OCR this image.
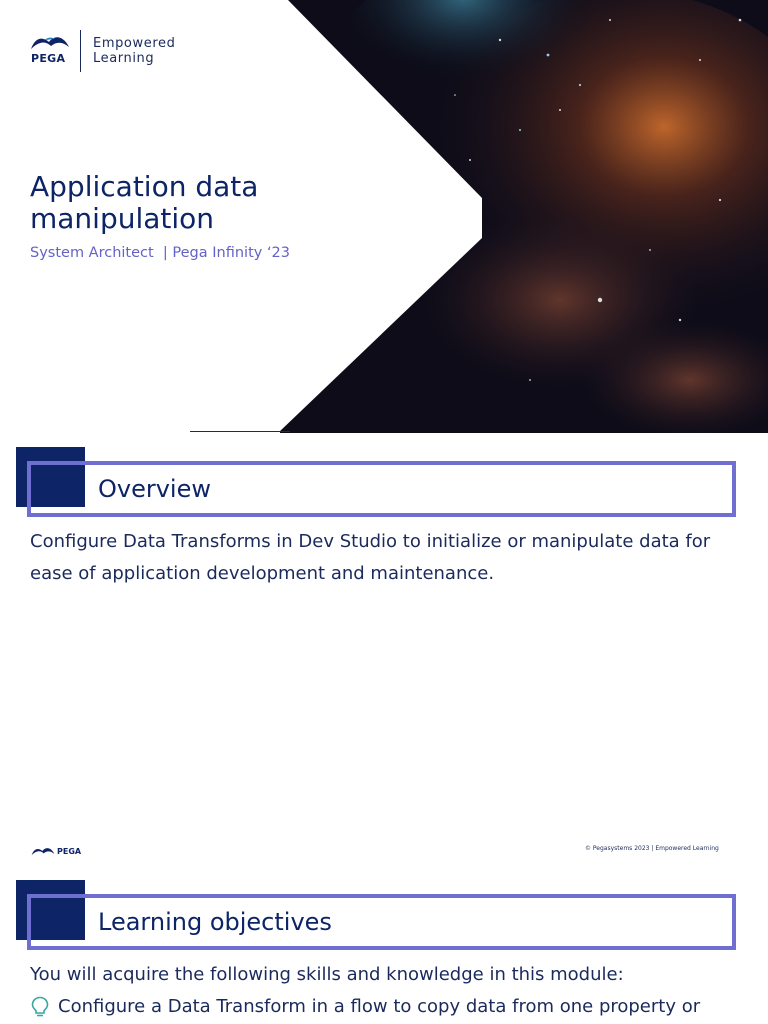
PEGA
Empowered
Learning
Application data
manipulation
System Architect  | Pega Infinity ‘23
Overview

Configure Data Transforms in Dev Studio to initialize or manipulate data for ease of application development and maintenance.

PEGA	© Pegasystems 2023 | Empowered Learning
Learning objectives

You will acquire the following skills and knowledge in this module:

Configure a Data Transform in a flow to copy data from one property or
